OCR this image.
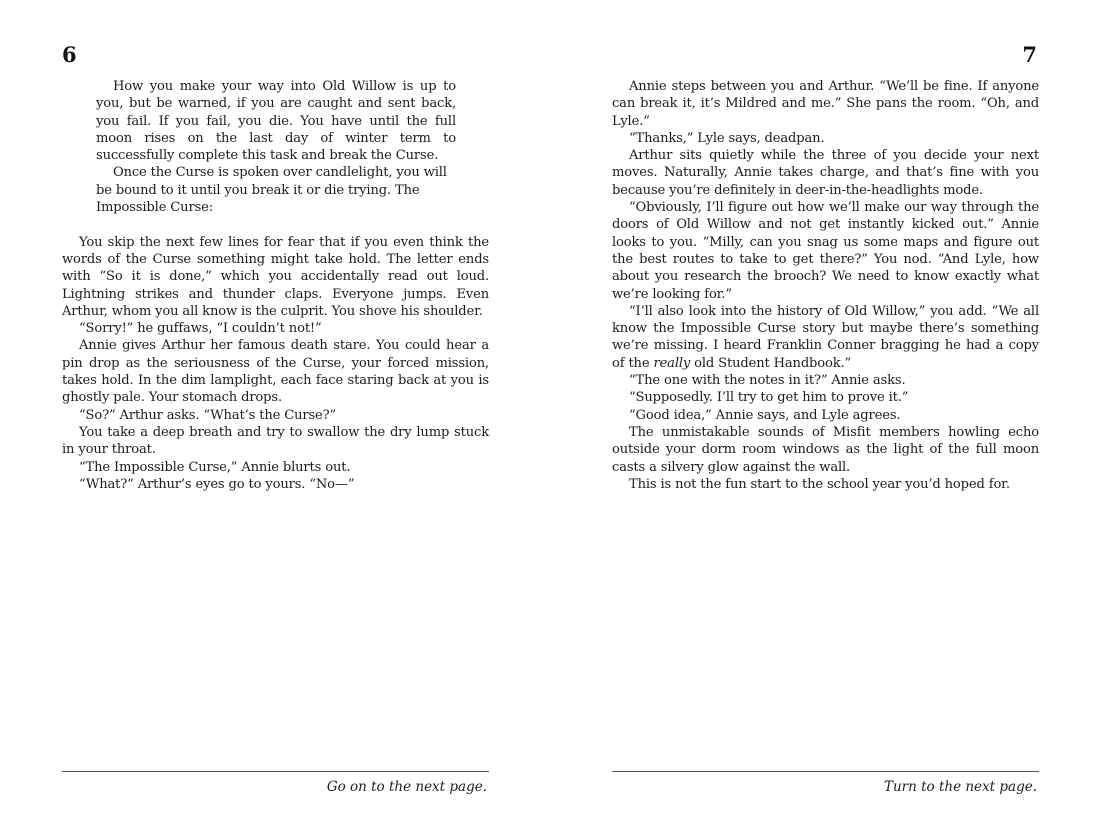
6

How you make your way into Old Willow is up to you, but be warned, if you are caught and sent back, you fail. If you fail, you die. You have until the full moon rises on the last day of winter term to successfully complete this task and break the Curse.

Once the Curse is spoken over candlelight, you will be bound to it until you break it or die trying. The Impossible Curse:

You skip the next few lines for fear that if you even think the words of the Curse something might take hold. The letter ends with “So it is done,” which you accidentally read out loud. Lightning strikes and thunder claps. Everyone jumps. Even Arthur, whom you all know is the culprit. You shove his shoulder.

“Sorry!” he guffaws, “I couldn’t not!”

Annie gives Arthur her famous death stare. You could hear a pin drop as the seriousness of the Curse, your forced mission, takes hold. In the dim lamplight, each face staring back at you is ghostly pale. Your stomach drops.

“So?” Arthur asks. “What’s the Curse?”

You take a deep breath and try to swallow the dry lump stuck in your throat.

“The Impossible Curse,” Annie blurts out.

“What?” Arthur’s eyes go to yours. “No—”

Go on to the next page.
7

Annie steps between you and Arthur. “We’ll be fine. If anyone can break it, it’s Mildred and me.” She pans the room. “Oh, and Lyle.”

“Thanks,” Lyle says, deadpan.

Arthur sits quietly while the three of you decide your next moves. Naturally, Annie takes charge, and that’s fine with you because you’re definitely in deer-in-the-headlights mode.

“Obviously, I’ll figure out how we’ll make our way through the doors of Old Willow and not get instantly kicked out.” Annie looks to you. “Milly, can you snag us some maps and figure out the best routes to take to get there?” You nod. “And Lyle, how about you research the brooch? We need to know exactly what we’re looking for.”

“I’ll also look into the history of Old Willow,” you add. “We all know the Impossible Curse story but maybe there’s something we’re missing. I heard Franklin Conner bragging he had a copy of the really old Student Handbook.”

“The one with the notes in it?” Annie asks.

“Supposedly. I’ll try to get him to prove it.”

“Good idea,” Annie says, and Lyle agrees.

The unmistakable sounds of Misfit members howling echo outside your dorm room windows as the light of the full moon casts a silvery glow against the wall.

This is not the fun start to the school year you’d hoped for.

Turn to the next page.
